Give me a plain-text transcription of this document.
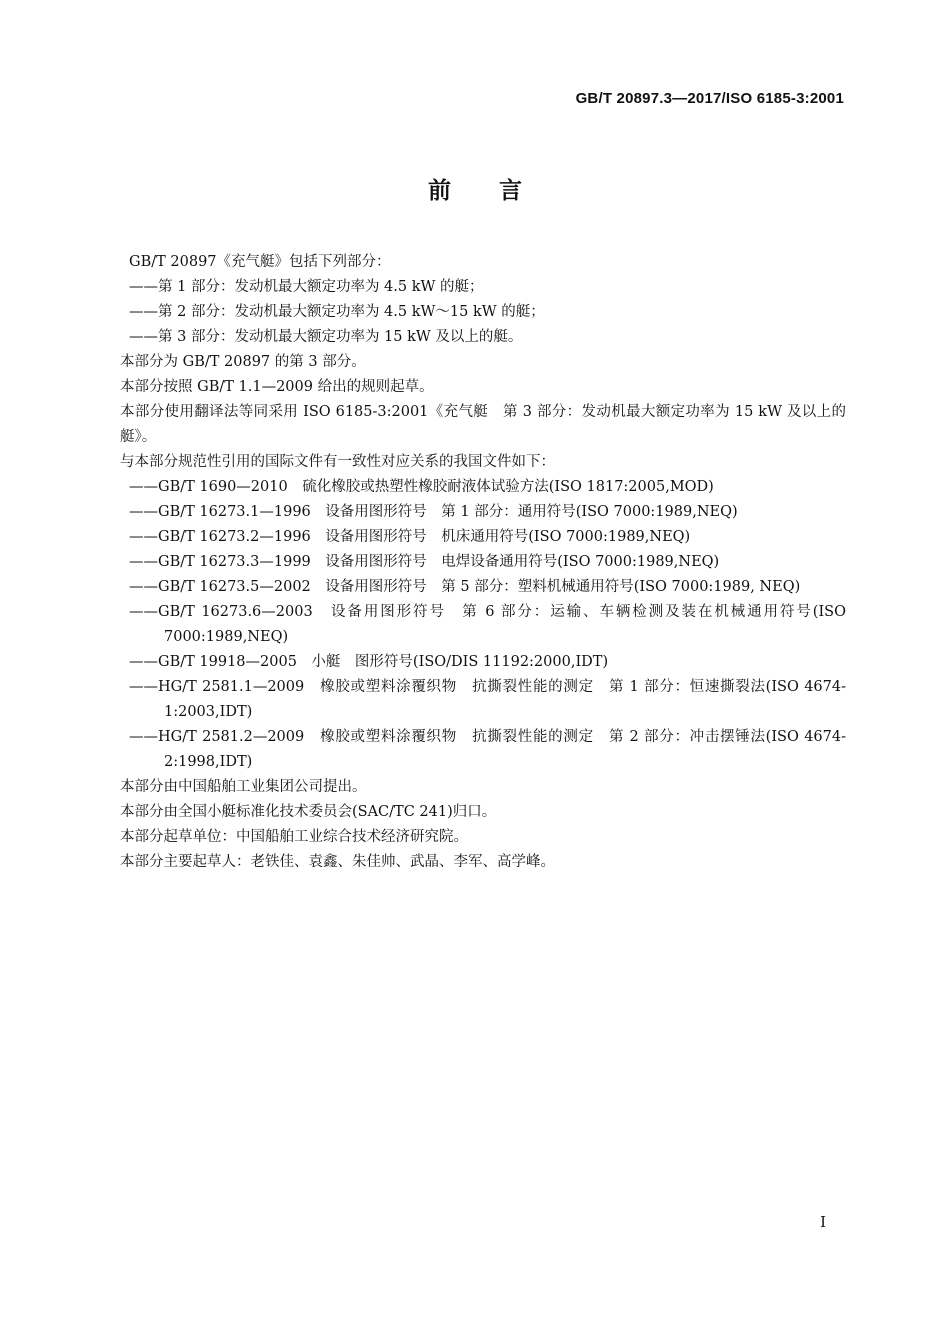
GB/T 20897.3—2017/ISO 6185-3:2001
前言

GB/T 20897《充气艇》包括下列部分：

——第 1 部分：发动机最大额定功率为 4.5 kW 的艇；

——第 2 部分：发动机最大额定功率为 4.5 kW～15 kW 的艇；

——第 3 部分：发动机最大额定功率为 15 kW 及以上的艇。

本部分为 GB/T 20897 的第 3 部分。

本部分按照 GB/T 1.1—2009 给出的规则起草。

本部分使用翻译法等同采用 ISO 6185-3:2001《充气艇　第 3 部分：发动机最大额定功率为 15 kW 及以上的艇》。

与本部分规范性引用的国际文件有一致性对应关系的我国文件如下：

——GB/T 1690—2010　硫化橡胶或热塑性橡胶耐液体试验方法(ISO 1817:2005,MOD)

——GB/T 16273.1—1996　设备用图形符号　第 1 部分：通用符号(ISO 7000:1989,NEQ)

——GB/T 16273.2—1996　设备用图形符号　机床通用符号(ISO 7000:1989,NEQ)

——GB/T 16273.3—1999　设备用图形符号　电焊设备通用符号(ISO 7000:1989,NEQ)

——GB/T 16273.5—2002　设备用图形符号　第 5 部分：塑料机械通用符号(ISO 7000:1989, NEQ)

——GB/T 16273.6—2003　设备用图形符号　第 6 部分：运输、车辆检测及装在机械通用符号(ISO 7000:1989,NEQ)

——GB/T 19918—2005　小艇　图形符号(ISO/DIS 11192:2000,IDT)

——HG/T 2581.1—2009　橡胶或塑料涂覆织物　抗撕裂性能的测定　第 1 部分：恒速撕裂法(ISO 4674-1:2003,IDT)

——HG/T 2581.2—2009　橡胶或塑料涂覆织物　抗撕裂性能的测定　第 2 部分：冲击摆锤法(ISO 4674-2:1998,IDT)

本部分由中国船舶工业集团公司提出。

本部分由全国小艇标准化技术委员会(SAC/TC 241)归口。

本部分起草单位：中国船舶工业综合技术经济研究院。

本部分主要起草人：老铁佳、袁鑫、朱佳帅、武晶、李军、高学峰。

I
